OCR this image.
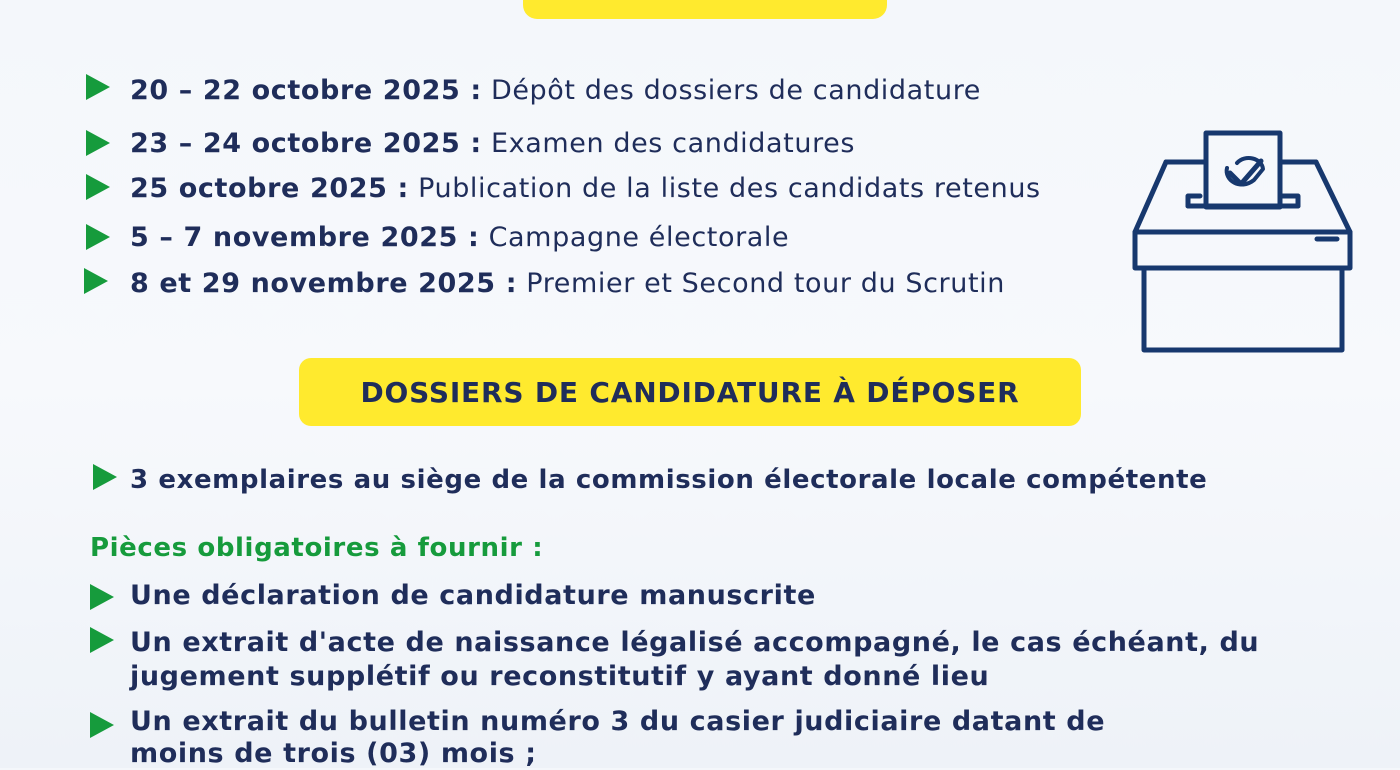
20 – 22 octobre 2025 : Dépôt des dossiers de candidature
23 – 24 octobre 2025 : Examen des candidatures
25 octobre 2025 : Publication de la liste des candidats retenus
5 – 7 novembre 2025 : Campagne électorale
8 et 29 novembre 2025 : Premier et Second tour du Scrutin
DOSSIERS DE CANDIDATURE À DÉPOSER
3 exemplaires au siège de la commission électorale locale compétente
Pièces obligatoires à fournir :
Une déclaration de candidature manuscrite
Un extrait d'acte de naissance légalisé accompagné, le cas échéant, du
jugement supplétif ou reconstitutif y ayant donné lieu
Un extrait du bulletin numéro 3 du casier judiciaire datant de
moins de trois (03) mois ;
